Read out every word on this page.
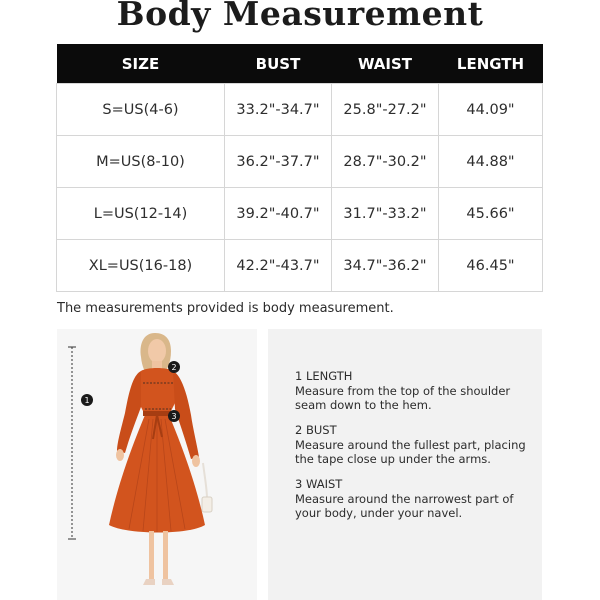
Body Measurement
SIZE	BUST	WAIST	LENGTH
S=US(4-6)	33.2"-34.7"	25.8"-27.2"	44.09"
M=US(8-10)	36.2"-37.7"	28.7"-30.2"	44.88"
L=US(12-14)	39.2"-40.7"	31.7"-33.2"	45.66"
XL=US(16-18)	42.2"-43.7"	34.7"-36.2"	46.45"
The measurements provided is body measurement.
1
2
3
1 LENGTH
Measure from the top of the shoulder seam down to the hem.
2 BUST
Measure around the fullest part, placing the tape close up under the arms.
3 WAIST
Measure around the narrowest part of your body, under your navel.
